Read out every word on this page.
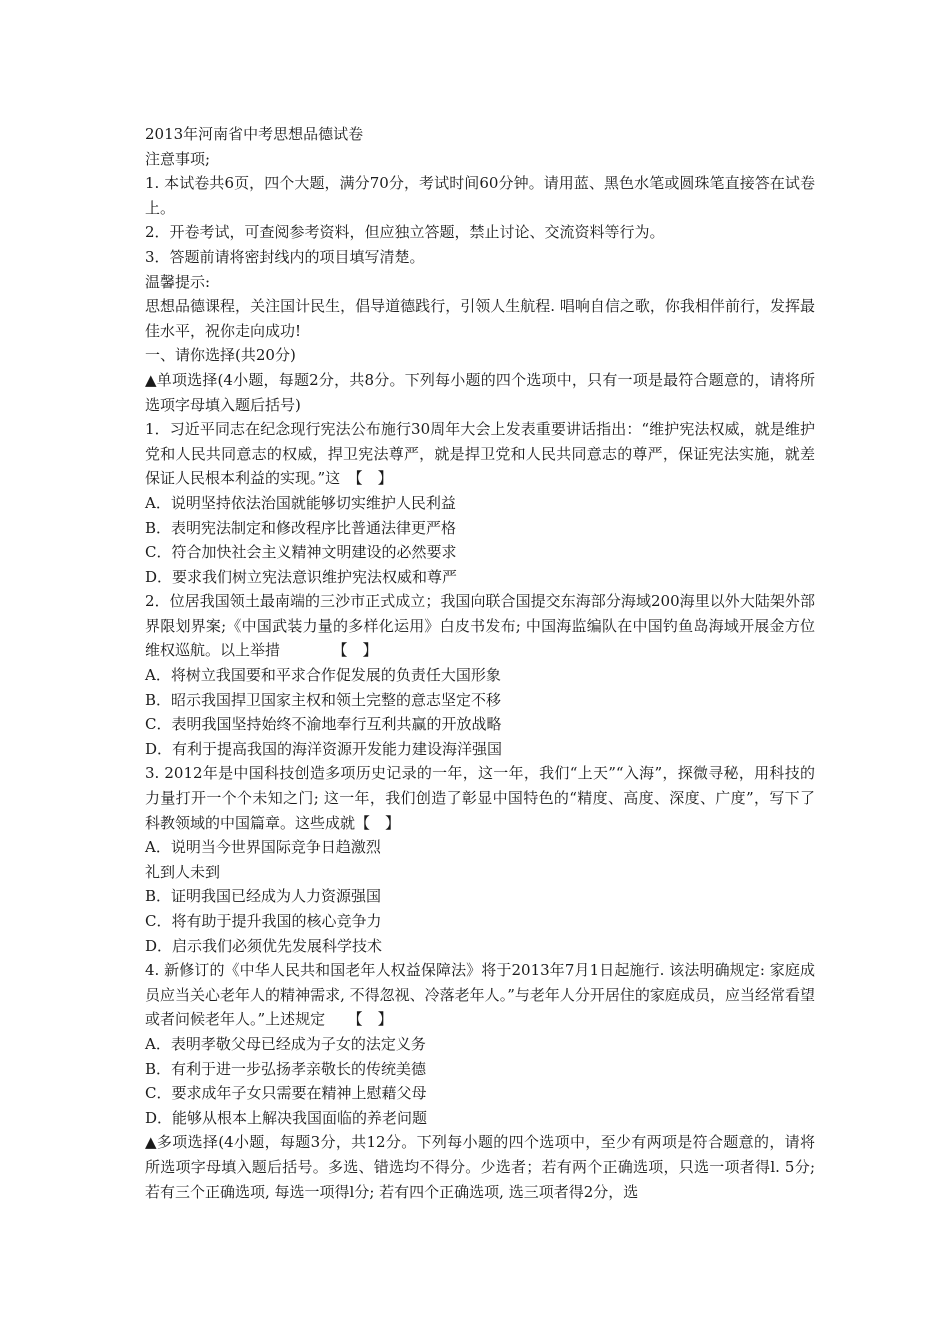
2013年河南省中考思想品德试卷
注意事项;
1. 本试卷共6页，四个大题，满分70分，考试时间60分钟。请用蓝、黑色水笔或圆珠笔直接答在试卷上。
2．开卷考试，可查阅参考资料，但应独立答题，禁止讨论、交流资料等行为。
3．答题前请将密封线内的项目填写清楚。
温馨提示:
思想品德课程，关注国计民生，倡导道德践行，引领人生航程. 唱响自信之歌，你我相伴前行，发挥最佳水平，祝你走向成功!
一、请你选择(共20分)
▲单项选择(4小题，每题2分，共8分。下列每小题的四个选项中，只有一项是最符合题意的，请将所选项字母填入题后括号)
1．习近平同志在纪念现行宪法公布施行30周年大会上发表重要讲话指出：“维护宪法权威，就是维护党和人民共同意志的权威，捍卫宪法尊严，就是捍卫党和人民共同意志的尊严，保证宪法实施，就差保证人民根本利益的实现。”这　【　】
A．说明坚持依法治国就能够切实维护人民利益
B．表明宪法制定和修改程序比普通法律更严格
C．符合加快社会主义精神文明建设的必然要求
D．要求我们树立宪法意识维护宪法权威和尊严
2．位居我国领土最南端的三沙市正式成立；我国向联合国提交东海部分海域200海里以外大陆架外部界限划界案;《中国武装力量的多样化运用》白皮书发布; 中国海监编队在中国钓鱼岛海域开展金方位维权巡航。以上举措　　　　【　】
A．将树立我国要和平求合作促发展的负责任大国形象
B．昭示我国捍卫国家主权和领土完整的意志坚定不移
C．表明我国坚持始终不渝地奉行互利共赢的开放战略
D．有利于提高我国的海洋资源开发能力建设海洋强国
3. 2012年是中国科技创造多项历史记录的一年，这一年，我们“上天”“入海”，探微寻秘，用科技的力量打开一个个未知之门; 这一年，我们创造了彰显中国特色的“精度、高度、深度、广度”，写下了科教领域的中国篇章。这些成就【　】
A．说明当今世界国际竞争日趋激烈
礼到人未到
B．证明我国已经成为人力资源强国
C．将有助于提升我国的核心竞争力
D．启示我们必须优先发展科学技术
4. 新修订的《中华人民共和国老年人权益保障法》将于2013年7月1日起施行. 该法明确规定: 家庭成员应当关心老年人的精神需求, 不得忽视、冷落老年人。”与老年人分开居住的家庭成员，应当经常看望或者问候老年人。”上述规定　　【　】
A．表明孝敬父母已经成为子女的法定义务
B．有利于进一步弘扬孝亲敬长的传统美德
C．要求成年子女只需要在精神上慰藉父母
D．能够从根本上解决我国面临的养老问题
▲多项选择(4小题，每题3分，共12分。下列每小题的四个选项中，至少有两项是符合题意的，请将所选项字母填入题后括号。多选、错选均不得分。少选者；若有两个正确选项，只选一项者得l. 5分; 若有三个正确选项, 每选一项得l分; 若有四个正确选项, 选三项者得2分，选
